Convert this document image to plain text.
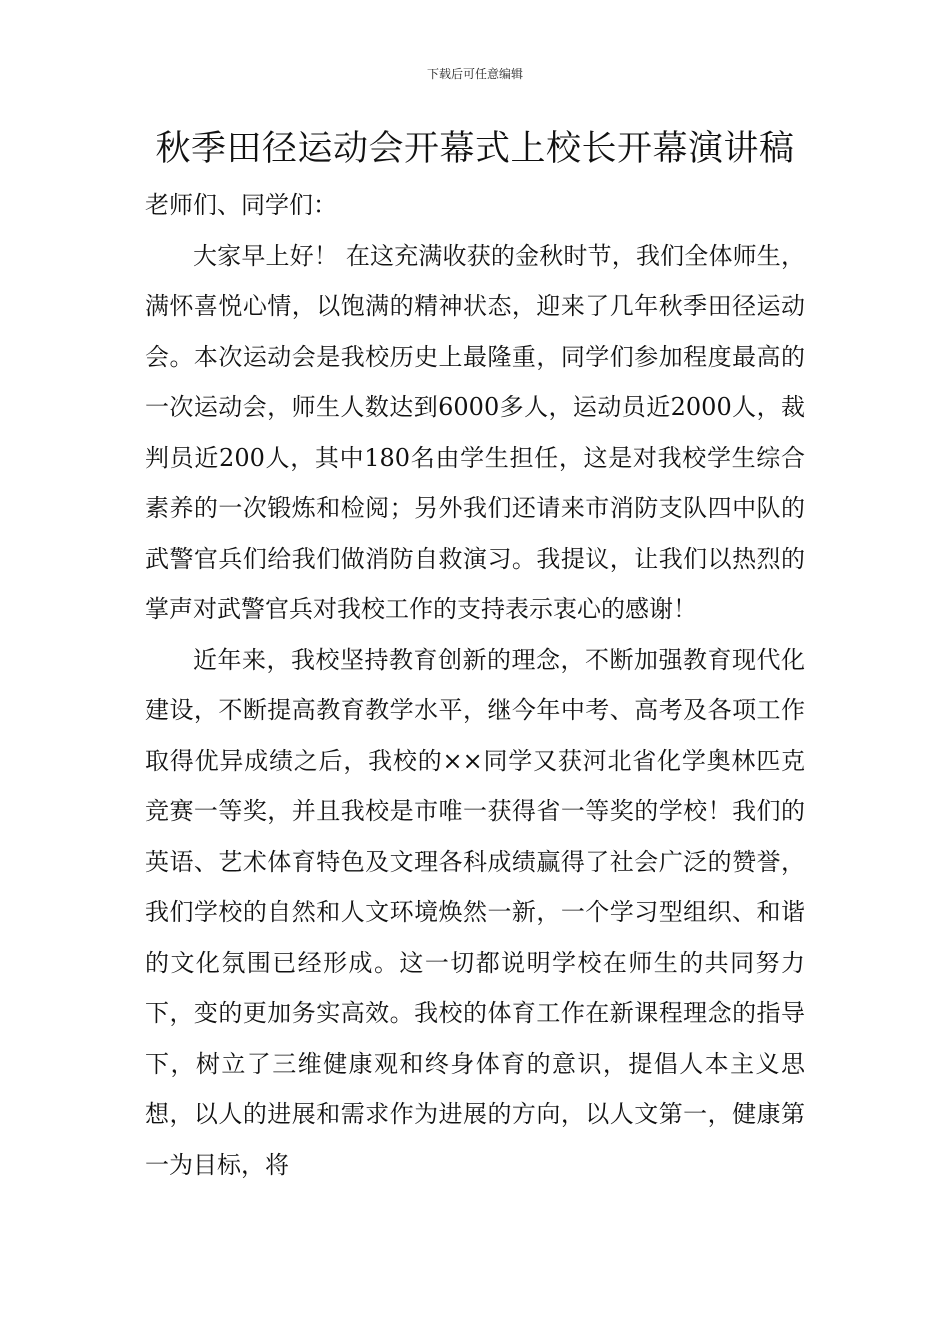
下载后可任意编辑
秋季田径运动会开幕式上校长开幕演讲稿

老师们、同学们：

大家早上好！ 在这充满收获的金秋时节，我们全体师生，满怀喜悦心情，以饱满的精神状态，迎来了几年秋季田径运动会。本次运动会是我校历史上最隆重，同学们参加程度最高的一次运动会，师生人数达到6000多人，运动员近2000人，裁判员近200人，其中180名由学生担任，这是对我校学生综合素养的一次锻炼和检阅；另外我们还请来市消防支队四中队的武警官兵们给我们做消防自救演习。我提议，让我们以热烈的掌声对武警官兵对我校工作的支持表示衷心的感谢！

近年来，我校坚持教育创新的理念，不断加强教育现代化建设，不断提高教育教学水平，继今年中考、高考及各项工作取得优异成绩之后，我校的××同学又获河北省化学奥林匹克竞赛一等奖，并且我校是市唯一获得省一等奖的学校！我们的英语、艺术体育特色及文理各科成绩赢得了社会广泛的赞誉，我们学校的自然和人文环境焕然一新，一个学习型组织、和谐的文化氛围已经形成。这一切都说明学校在师生的共同努力下，变的更加务实高效。我校的体育工作在新课程理念的指导下，树立了三维健康观和终身体育的意识，提倡人本主义思想，以人的进展和需求作为进展的方向，以人文第一，健康第一为目标，将
